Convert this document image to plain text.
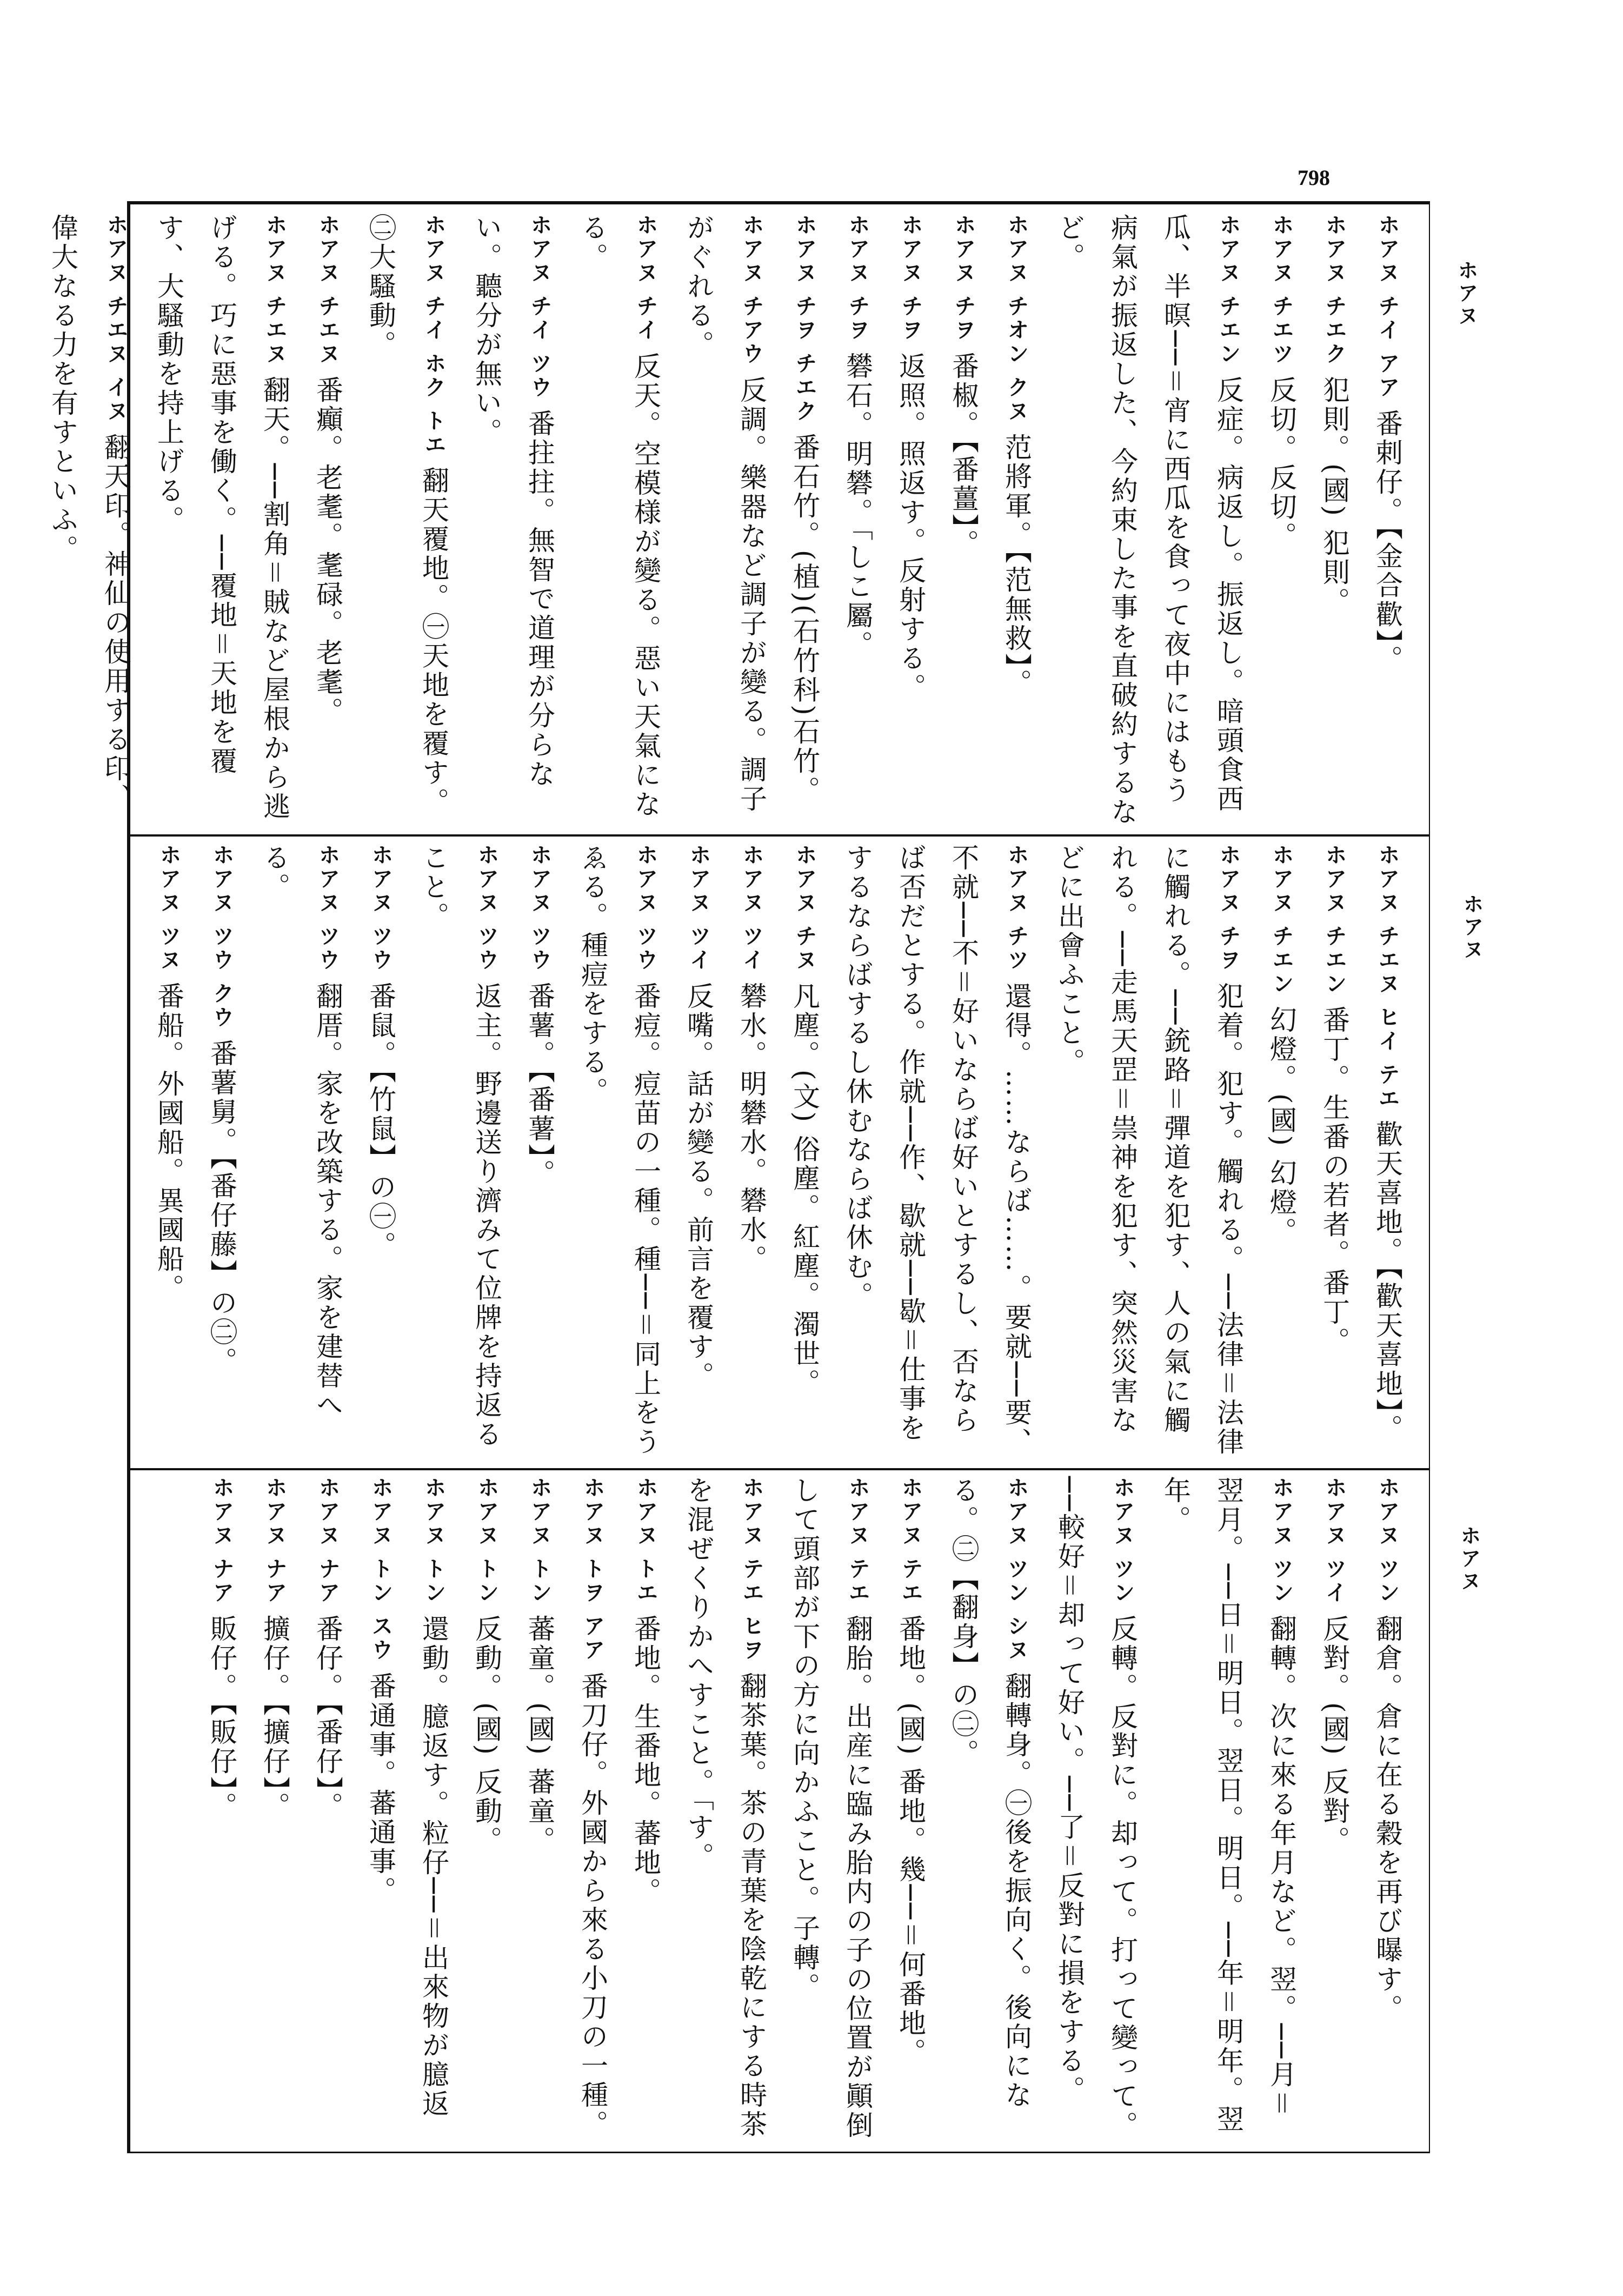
798
ホアヌ
ホアヌ
ホアヌ
ホアヌ チイ アア 番剌仔。【金合歡】。
ホアヌ チエク 犯則。(國) 犯則。
ホアヌ チエツ 反切。反切。
ホアヌ チエン 反症。病返し。振返し。暗頭食西瓜、半暝──＝宵に西瓜を食って夜中にはもう病氣が振返した、今約束した事を直破約するなど。
ホアヌ チオン クヌ 范將軍。【范無救】。
ホアヌ チヲ 番椒。【番薑】。
ホアヌ チヲ 返照。照返す。反射する。
ホアヌ チヲ 礬石。明礬。「しこ屬。
ホアヌ チヲ チエク 番石竹。(植)(石竹科)石竹。
ホアヌ チアウ 反調。樂器など調子が變る。調子がぐれる。
ホアヌ チイ 反天。空模様が變る。惡い天氣になる。
ホアヌ チイ ツウ 番拄拄。無智で道理が分らない。聽分が無い。
ホアヌ チイ ホク トエ 翻天覆地。㊀天地を覆す。㊁大騷動。
ホアヌ チエヌ 番癲。老耄。耄碌。老耄。
ホアヌ チエヌ 翻天。──割角＝賊など屋根から逃げる。巧に惡事を働く。──覆地＝天地を覆す、大騷動を持上げる。
ホアヌ チエヌ イヌ 翻天印。神仙の使用する印、偉大なる力を有すといふ。
ホアヌ チエヌ ヒイ テエ 歡天喜地。【歡天喜地】。
ホアヌ チエン 番丁。生番の若者。番丁。
ホアヌ チエン 幻燈。(國) 幻燈。
ホアヌ チヲ 犯着。犯す。觸れる。──法律＝法律に觸れる。──銃路＝彈道を犯す、人の氣に觸れる。──走馬天罡＝祟神を犯す、突然災害などに出會ふこと。
ホアヌ チツ 還得。……ならば……。要就──要、不就──不＝好いならば好いとするし、否ならば否だとする。作就──作、歇就──歇＝仕事をするならばするし休むならば休む。
ホアヌ チヌ 凡塵。(文) 俗塵。紅塵。濁世。
ホアヌ ツイ 礬水。明礬水。礬水。
ホアヌ ツイ 反嘴。話が變る。前言を覆す。
ホアヌ ツウ 番痘。痘苗の一種。種──＝同上をうゑる。種痘をする。
ホアヌ ツウ 番薯。【番薯】。
ホアヌ ツウ 返主。野邊送り濟みて位牌を持返ること。
ホアヌ ツウ 番鼠。【竹鼠】の㊀。
ホアヌ ツウ 翻厝。家を改築する。家を建替へる。
ホアヌ ツウ クウ 番薯舅。【番仔藤】の㊁。
ホアヌ ツヌ 番船。外國船。異國船。
ホアヌ ツン 翻倉。倉に在る穀を再び曝す。
ホアヌ ツイ 反對。(國) 反對。
ホアヌ ツン 翻轉。次に來る年月など。翌。──月＝翌月。──日＝明日。翌日。明日。──年＝明年。翌年。
ホアヌ ツン 反轉。反對に。却って。打って變って。──較好＝却って好い。──了＝反對に損をする。
ホアヌ ツン シヌ 翻轉身。㊀後を振向く。後向になる。㊁【翻身】の㊁。
ホアヌ テエ 番地。(國) 番地。幾──＝何番地。
ホアヌ テエ 翻胎。出産に臨み胎内の子の位置が顚倒して頭部が下の方に向かふこと。子轉。
ホアヌ テエ ヒヲ 翻茶葉。茶の青葉を陰乾にする時茶を混ぜくりかへすこと。「す。
ホアヌ トエ 番地。生番地。蕃地。
ホアヌ トヲ アア 番刀仔。外國から來る小刀の一種。
ホアヌ トン 蕃童。(國) 蕃童。
ホアヌ トン 反動。(國) 反動。
ホアヌ トン 還動。臆返す。粒仔──＝出來物が臆返
ホアヌ トン スウ 番通事。蕃通事。
ホアヌ ナア 番仔。【番仔】。
ホアヌ ナア 擴仔。【擴仔】。
ホアヌ ナア 販仔。【販仔】。
